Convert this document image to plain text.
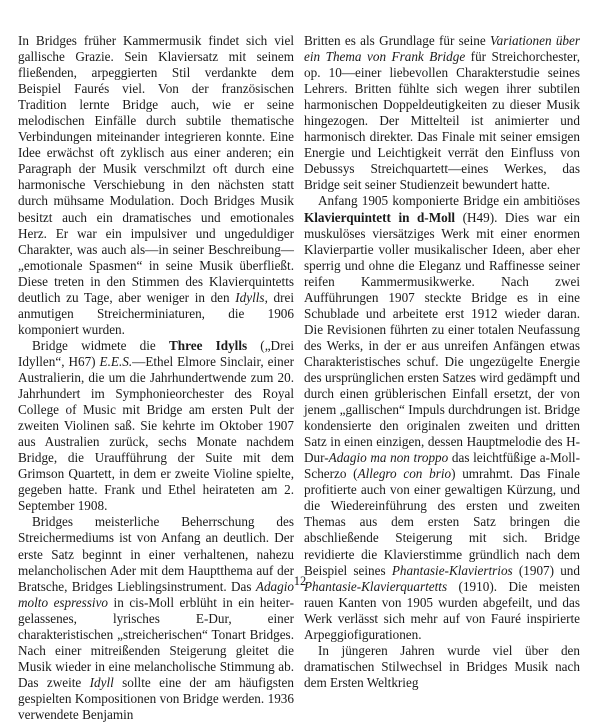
In Bridges früher Kammermusik findet sich viel gallische Grazie. Sein Klaviersatz mit seinem fließenden, arpeggierten Stil verdankte dem Beispiel Faurés viel. Von der französischen Tradition lernte Bridge auch, wie er seine melodischen Einfälle durch subtile thematische Verbindungen miteinander integrieren konnte. Eine Idee erwächst oft zyklisch aus einer anderen; ein Paragraph der Musik verschmilzt oft durch eine harmonische Verschiebung in den nächsten statt durch mühsame Modulation. Doch Bridges Musik besitzt auch ein dramatisches und emotionales Herz. Er war ein impulsiver und ungeduldiger Charakter, was auch als—in seiner Beschreibung—„emotionale Spasmen“ in seine Musik überfließt. Diese treten in den Stimmen des Klavierquintetts deutlich zu Tage, aber weniger in den Idylls, drei anmutigen Streicherminiaturen, die 1906 komponiert wurden.

Bridge widmete die Three Idylls („Drei Idyllen“, H67) E.E.S.—Ethel Elmore Sinclair, einer Australierin, die um die Jahrhundertwende zum 20. Jahrhundert im Symphonieorchester des Royal College of Music mit Bridge am ersten Pult der zweiten Violinen saß. Sie kehrte im Oktober 1907 aus Australien zurück, sechs Monate nachdem Bridge, die Uraufführung der Suite mit dem Grimson Quartett, in dem er zweite Violine spielte, gegeben hatte. Frank und Ethel heirateten am 2. September 1908.

Bridges meisterliche Beherrschung des Streichermediums ist von Anfang an deutlich. Der erste Satz beginnt in einer verhaltenen, nahezu melancholischen Ader mit dem Hauptthema auf der Bratsche, Bridges Lieblingsinstrument. Das Adagio molto espressivo in cis-Moll erblüht in ein heiter-gelassenes, lyrisches E-Dur, einer charakteristischen „streicherischen“ Tonart Bridges. Nach einer mitreißenden Steigerung gleitet die Musik wieder in eine melancholische Stimmung ab. Das zweite Idyll sollte eine der am häufigsten gespielten Kompositionen von Bridge werden. 1936 verwendete Benjamin

Britten es als Grundlage für seine Variationen über ein Thema von Frank Bridge für Streichorchester, op. 10—einer liebevollen Charakterstudie seines Lehrers. Britten fühlte sich wegen ihrer subtilen harmonischen Doppeldeutigkeiten zu dieser Musik hingezogen. Der Mittelteil ist animierter und harmonisch direkter. Das Finale mit seiner emsigen Energie und Leichtigkeit verrät den Einfluss von Debussys Streichquartett—eines Werkes, das Bridge seit seiner Studienzeit bewundert hatte.

Anfang 1905 komponierte Bridge ein ambitiöses Klavierquintett in d-Moll (H49). Dies war ein muskulöses viersätziges Werk mit einer enormen Klavierpartie voller musikalischer Ideen, aber eher sperrig und ohne die Eleganz und Raffinesse seiner reifen Kammermusikwerke. Nach zwei Aufführungen 1907 steckte Bridge es in eine Schublade und arbeitete erst 1912 wieder daran. Die Revisionen führten zu einer totalen Neufassung des Werks, in der er aus unreifen Anfängen etwas Charakteristisches schuf. Die ungezügelte Energie des ursprünglichen ersten Satzes wird gedämpft und durch einen grüblerischen Einfall ersetzt, der von jenem „gallischen“ Impuls durchdrungen ist. Bridge kondensierte den originalen zweiten und dritten Satz in einen einzigen, dessen Hauptmelodie des H-Dur-Adagio ma non troppo das leichtfüßige a-Moll-Scherzo (Allegro con brio) umrahmt. Das Finale profitierte auch von einer gewaltigen Kürzung, und die Wiedereinführung des ersten und zweiten Themas aus dem ersten Satz bringen die abschließende Steigerung mit sich. Bridge revidierte die Klavierstimme gründlich nach dem Beispiel seines Phantasie-Klaviertrios (1907) und Phantasie-Klavierquartetts (1910). Die meisten rauen Kanten von 1905 wurden abgefeilt, und das Werk verlässt sich mehr auf von Fauré inspirierte Arpeggiofigurationen.

In jüngeren Jahren wurde viel über den dramatischen Stilwechsel in Bridges Musik nach dem Ersten Weltkrieg

12
